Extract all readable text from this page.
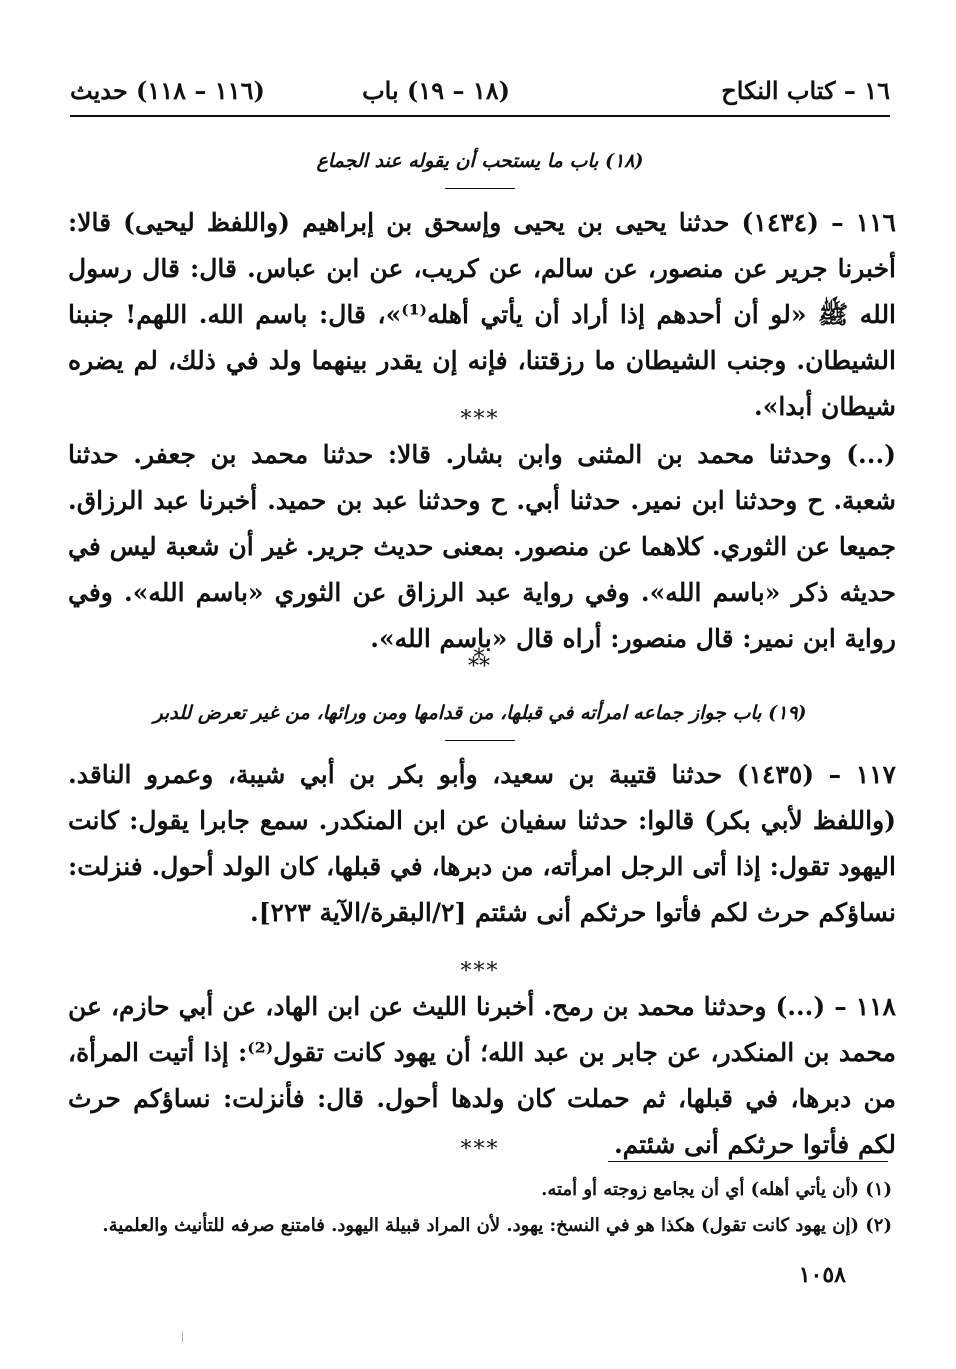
١٦ – كتاب النكاح
(١٨ – ١٩) باب
(١١٦ – ١١٨) حديث
(١٨) باب ما يستحب أن يقوله عند الجماع
١١٦ – (١٤٣٤) حدثنا يحيى بن يحيى وإسحق بن إبراهيم (واللفظ ليحيى) قالا: أخبرنا جرير عن منصور، عن سالم، عن كريب، عن ابن عباس. قال: قال رسول الله ﷺ «لو أن أحدهم إذا أراد أن يأتي أهله⁽¹⁾»، قال: باسم الله. اللهم! جنبنا الشيطان. وجنب الشيطان ما رزقتنا، فإنه إن يقدر بينهما ولد في ذلك، لم يضره شيطان أبدا».
***
(...) وحدثنا محمد بن المثنى وابن بشار. قالا: حدثنا محمد بن جعفر. حدثنا شعبة. ح وحدثنا ابن نمير. حدثنا أبي. ح وحدثنا عبد بن حميد. أخبرنا عبد الرزاق. جميعا عن الثوري. كلاهما عن منصور. بمعنى حديث جرير. غير أن شعبة ليس في حديثه ذكر «باسم الله». وفي رواية عبد الرزاق عن الثوري «باسم الله». وفي رواية ابن نمير: قال منصور: أراه قال «باسم الله».
⁂
(١٩) باب جواز جماعه امرأته في قبلها، من قدامها ومن ورائها، من غير تعرض للدبر
١١٧ – (١٤٣٥) حدثنا قتيبة بن سعيد، وأبو بكر بن أبي شيبة، وعمرو الناقد. (واللفظ لأبي بكر) قالوا: حدثنا سفيان عن ابن المنكدر. سمع جابرا يقول: كانت اليهود تقول: إذا أتى الرجل امرأته، من دبرها، في قبلها، كان الولد أحول. فنزلت: نساؤكم حرث لكم فأتوا حرثكم أنى شئتم [٢/البقرة/الآية ٢٢٣].
***
١١٨ – (...) وحدثنا محمد بن رمح. أخبرنا الليث عن ابن الهاد، عن أبي حازم، عن محمد بن المنكدر، عن جابر بن عبد الله؛ أن يهود كانت تقول⁽²⁾: إذا أتيت المرأة، من دبرها، في قبلها، ثم حملت كان ولدها أحول. قال: فأنزلت: نساؤكم حرث لكم فأتوا حرثكم أنى شئتم.
***
(١) (أن يأتي أهله) أي أن يجامع زوجته أو أمته.
(٢) (إن يهود كانت تقول) هكذا هو في النسخ: يهود. لأن المراد قبيلة اليهود. فامتنع صرفه للتأنيث والعلمية.
١٠٥٨
